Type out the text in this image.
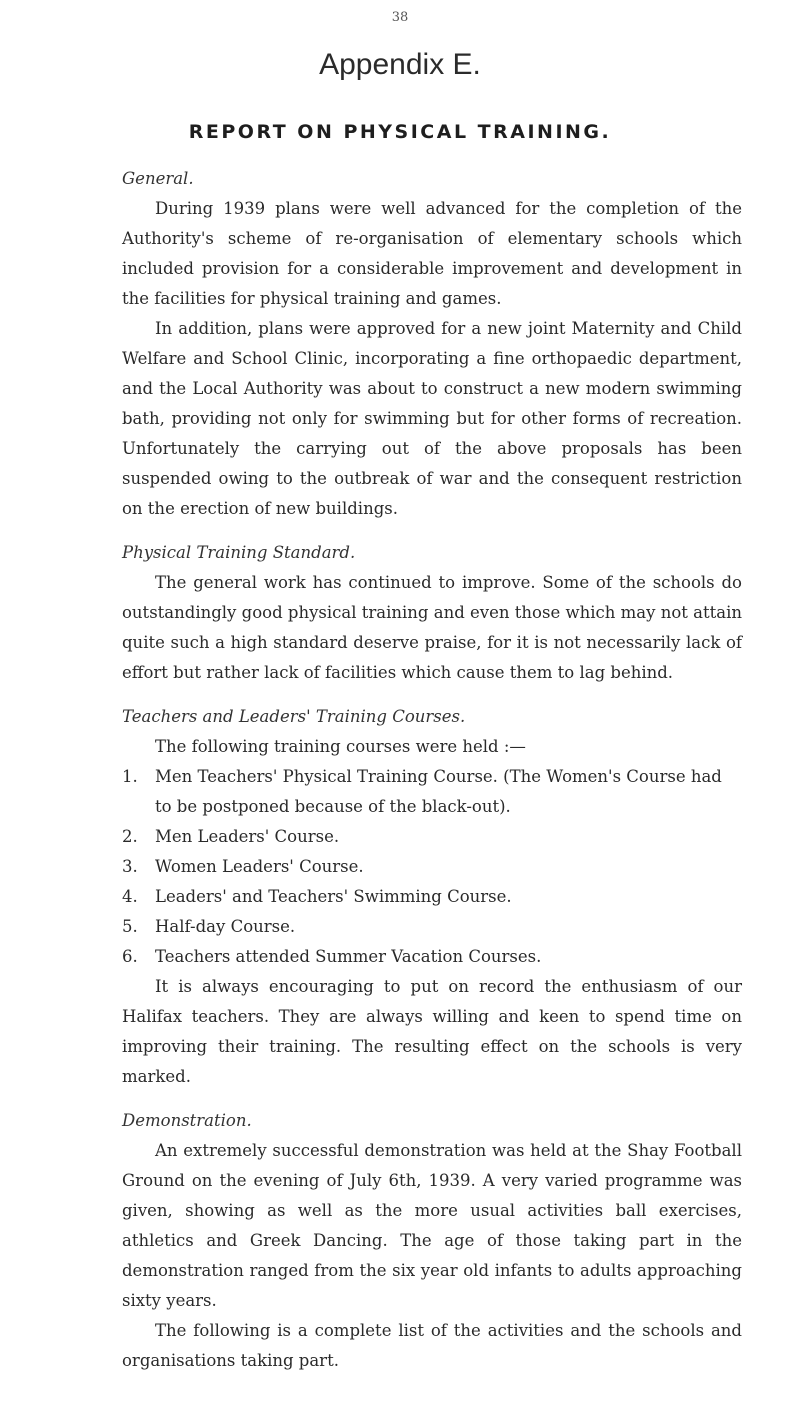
38
Appendix E.
REPORT ON PHYSICAL TRAINING.
General.

During 1939 plans were well advanced for the completion of the Authority's scheme of re-organisation of elementary schools which included provision for a considerable improvement and development in the facilities for physical training and games.

In addition, plans were approved for a new joint Maternity and Child Welfare and School Clinic, incorporating a fine orthopaedic department, and the Local Authority was about to construct a new modern swimming bath, providing not only for swimming but for other forms of recreation. Unfortunately the carrying out of the above proposals has been suspended owing to the outbreak of war and the consequent restriction on the erection of new buildings.

Physical Training Standard.

The general work has continued to improve. Some of the schools do outstandingly good physical training and even those which may not attain quite such a high standard deserve praise, for it is not necessarily lack of effort but rather lack of facilities which cause them to lag behind.

Teachers and Leaders' Training Courses.

The following training courses were held :—

1.	Men Teachers' Physical Training Course. (The Women's Course had to be postponed because of the black-out).
2.	Men Leaders' Course.
3.	Women Leaders' Course.
4.	Leaders' and Teachers' Swimming Course.
5.	Half-day Course.
6.	Teachers attended Summer Vacation Courses.

It is always encouraging to put on record the enthusiasm of our Halifax teachers. They are always willing and keen to spend time on improving their training. The resulting effect on the schools is very marked.

Demonstration.

An extremely successful demonstration was held at the Shay Football Ground on the evening of July 6th, 1939. A very varied programme was given, showing as well as the more usual activities ball exercises, athletics and Greek Dancing. The age of those taking part in the demonstration ranged from the six year old infants to adults approaching sixty years.

The following is a complete list of the activities and the schools and organisations taking part.
